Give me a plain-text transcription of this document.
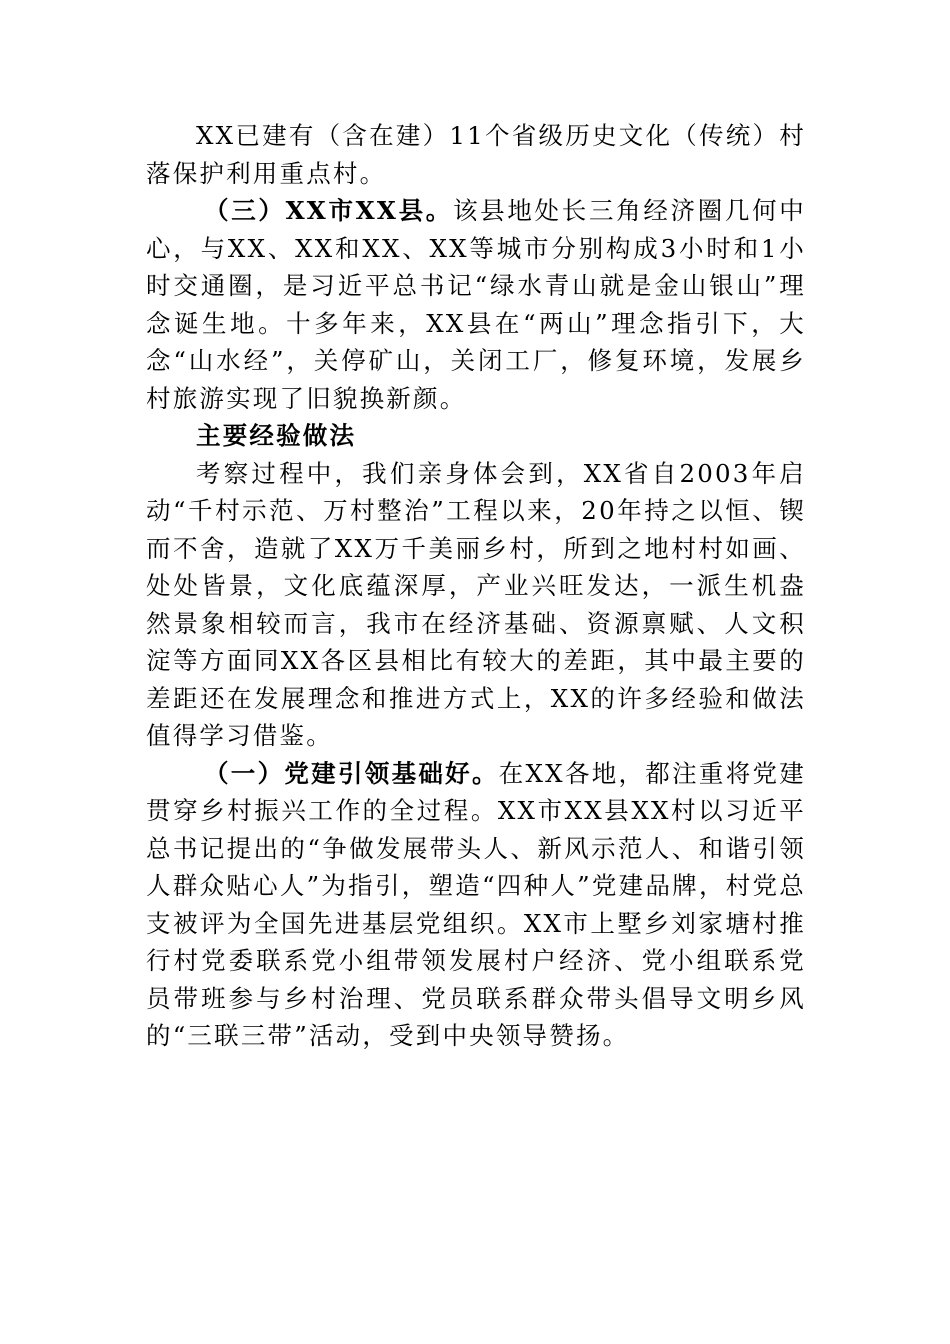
XX已建有（含在建）11个省级历史文化（传统）村落保护利用重点村。

（三）XX市XX县。该县地处长三角经济圈几何中心，与XX、XX和XX、XX等城市分别构成3小时和1小时交通圈，是习近平总书记“绿水青山就是金山银山”理念诞生地。十多年来，XX县在“两山”理念指引下，大念“山水经”，关停矿山，关闭工厂，修复环境，发展乡村旅游实现了旧貌换新颜。

主要经验做法

考察过程中，我们亲身体会到，XX省自2003年启动“千村示范、万村整治”工程以来，20年持之以恒、锲而不舍，造就了XX万千美丽乡村，所到之地村村如画、处处皆景，文化底蕴深厚，产业兴旺发达，一派生机盎然景象相较而言，我市在经济基础、资源禀赋、人文积淀等方面同XX各区县相比有较大的差距，其中最主要的差距还在发展理念和推进方式上，XX的许多经验和做法值得学习借鉴。

（一）党建引领基础好。在XX各地，都注重将党建贯穿乡村振兴工作的全过程。XX市XX县XX村以习近平总书记提出的“争做发展带头人、新风示范人、和谐引领人群众贴心人”为指引，塑造“四种人”党建品牌，村党总支被评为全国先进基层党组织。XX市上墅乡刘家塘村推行村党委联系党小组带领发展村户经济、党小组联系党员带班参与乡村治理、党员联系群众带头倡导文明乡风的“三联三带”活动，受到中央领导赞扬。
